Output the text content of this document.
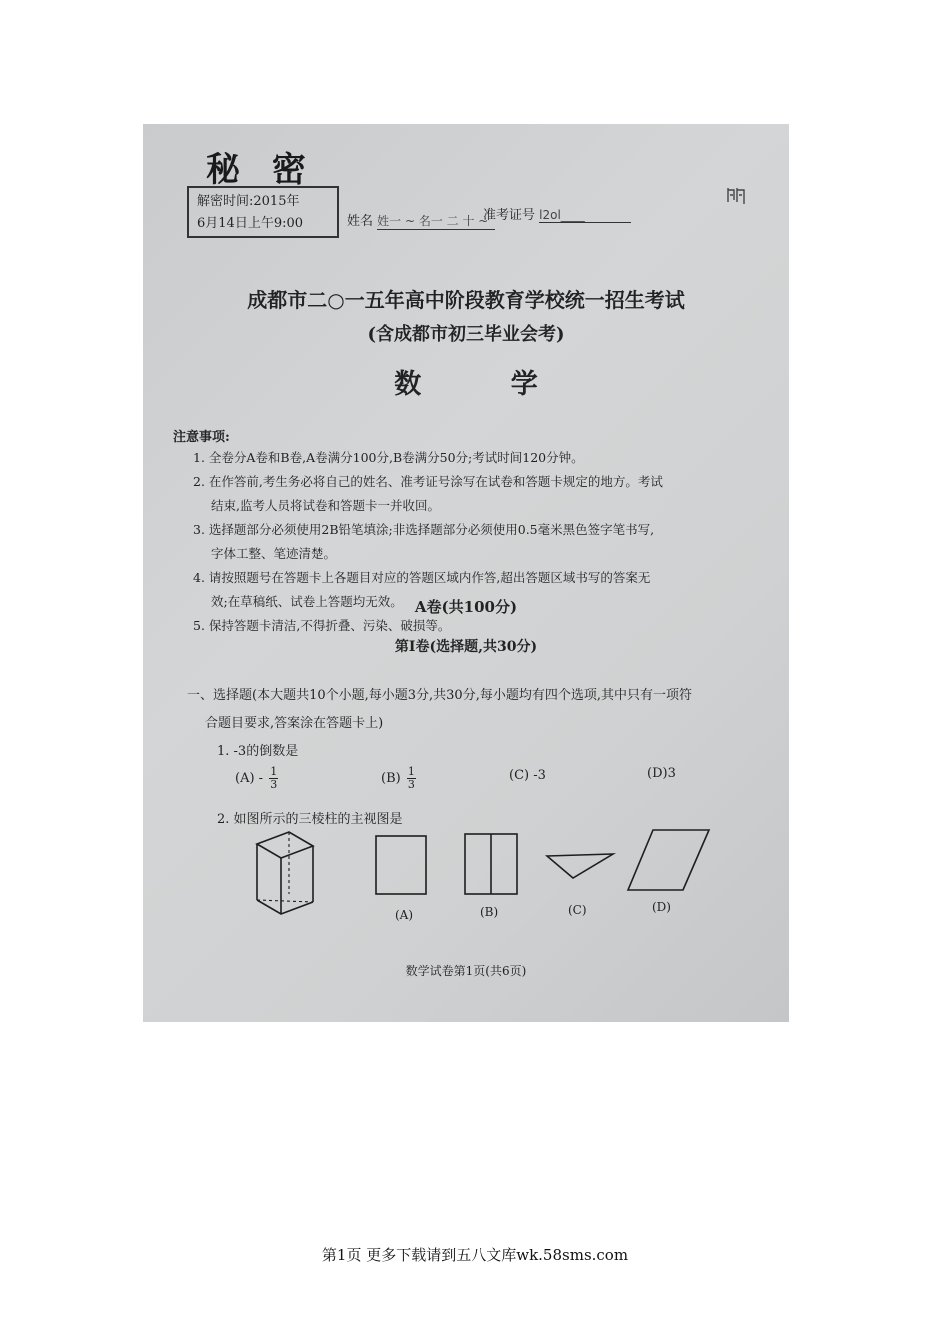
秘 密
解密时间:2015年
6月14日上午9:00	姓名 姓一 ~ 名一 二 十 ~
准考证号 l2ol____
成都市二○一五年高中阶段教育学校统一招生考试
(含成都市初三毕业会考)
数 学
注意事项:
1. 全卷分A卷和B卷,A卷满分100分,B卷满分50分;考试时间120分钟。
2. 在作答前,考生务必将自己的姓名、准考证号涂写在试卷和答题卡规定的地方。考试
结束,监考人员将试卷和答题卡一并收回。
3. 选择题部分必须使用2B铅笔填涂;非选择题部分必须使用0.5毫米黑色签字笔书写,
字体工整、笔迹清楚。
4. 请按照题号在答题卡上各题目对应的答题区域内作答,超出答题区域书写的答案无
效;在草稿纸、试卷上答题均无效。
5. 保持答题卡清洁,不得折叠、污染、破损等。
A卷(共100分)
第Ⅰ卷(选择题,共30分)
一、选择题(本大题共10个小题,每小题3分,共30分,每小题均有四个选项,其中只有一项符
合题目要求,答案涂在答题卡上)
1. -3的倒数是
$(A) - \frac{1}{3}$	$(B) \frac{1}{3}$	(C) -3	(D)3
2. 如图所示的三棱柱的主视图是
(A)	(B)	(C)	(D)
数学试卷第1页(共6页)
第1页 更多下载请到五八文库wk.58sms.com
